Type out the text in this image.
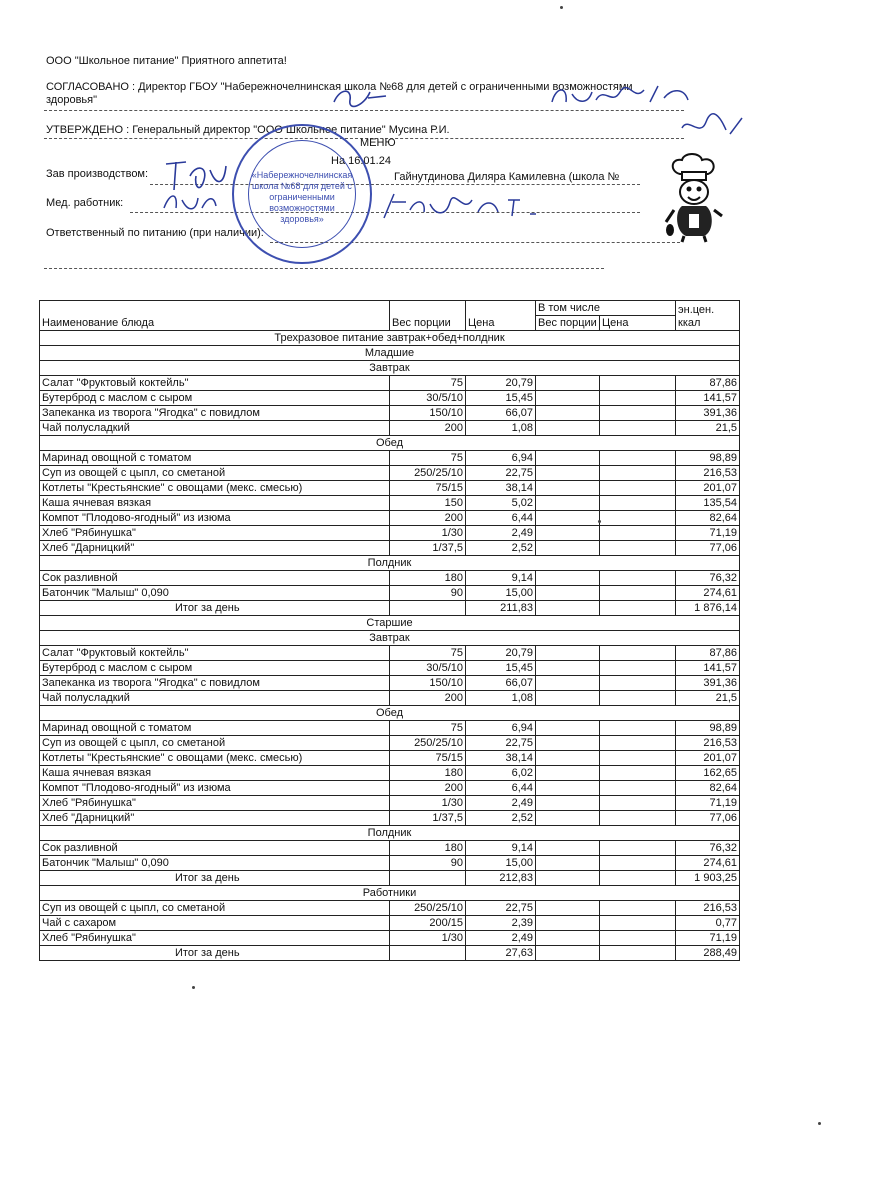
ООО "Школьное питание" Приятного аппетита!
СОГЛАСОВАНО : Директор ГБОУ "Набережночелнинская школа №68 для детей с ограниченными возможностями
здоровья"
УТВЕРЖДЕНО : Генеральный директор "ООО Школьное питание" Мусина Р.И.
МЕНЮ
На 16.01.24
Зав производством:	Гайнутдинова Диляра Камилевна (школа №
Мед. работник:
Ответственный по питанию (при наличии):
«Набережночелнинская
школа №68 для детей с
ограниченными
возможностями
здоровья»
Наименование блюда	Вес порции	Цена	В том числе		эн.цен.
ккал

			Вес порции	Цена	
Трехразовое питание завтрак+обед+полдник					
Младшие					
Завтрак					
Салат "Фруктовый коктейль"	75	20,79			87,86
Бутерброд с маслом с сыром	30/5/10	15,45			141,57
Запеканка из творога "Ягодка" с повидлом	150/10	66,07			391,36
Чай полусладкий	200	1,08			21,5
Обед					
Маринад овощной с томатом	75	6,94			98,89
Суп из овощей с цыпл, со сметаной	250/25/10	22,75			216,53
Котлеты "Крестьянские" с овощами (мекс. смесью)	75/15	38,14			201,07
Каша ячневая вязкая	150	5,02			135,54
Компот "Плодово-ягодный" из изюма	200	6,44			82,64
Хлеб "Рябинушка"	1/30	2,49			71,19
Хлеб "Дарницкий"	1/37,5	2,52			77,06
Полдник					
Сок разливной	180	9,14			76,32
Батончик "Малыш" 0,090	90	15,00			274,61
Итог за день		211,83			1 876,14
Старшие					
Завтрак					
Салат "Фруктовый коктейль"	75	20,79			87,86
Бутерброд с маслом с сыром	30/5/10	15,45			141,57
Запеканка из творога "Ягодка" с повидлом	150/10	66,07			391,36
Чай полусладкий	200	1,08			21,5
Обед					
Маринад овощной с томатом	75	6,94			98,89
Суп из овощей с цыпл, со сметаной	250/25/10	22,75			216,53
Котлеты "Крестьянские" с овощами (мекс. смесью)	75/15	38,14			201,07
Каша ячневая вязкая	180	6,02			162,65
Компот "Плодово-ягодный" из изюма	200	6,44			82,64
Хлеб "Рябинушка"	1/30	2,49			71,19
Хлеб "Дарницкий"	1/37,5	2,52			77,06
Полдник					
Сок разливной	180	9,14			76,32
Батончик "Малыш" 0,090	90	15,00			274,61
Итог за день		212,83			1 903,25
Работники					
Суп из овощей с цыпл, со сметаной	250/25/10	22,75			216,53
Чай с сахаром	200/15	2,39			0,77
Хлеб "Рябинушка"	1/30	2,49			71,19
Итог за день		27,63			288,49
